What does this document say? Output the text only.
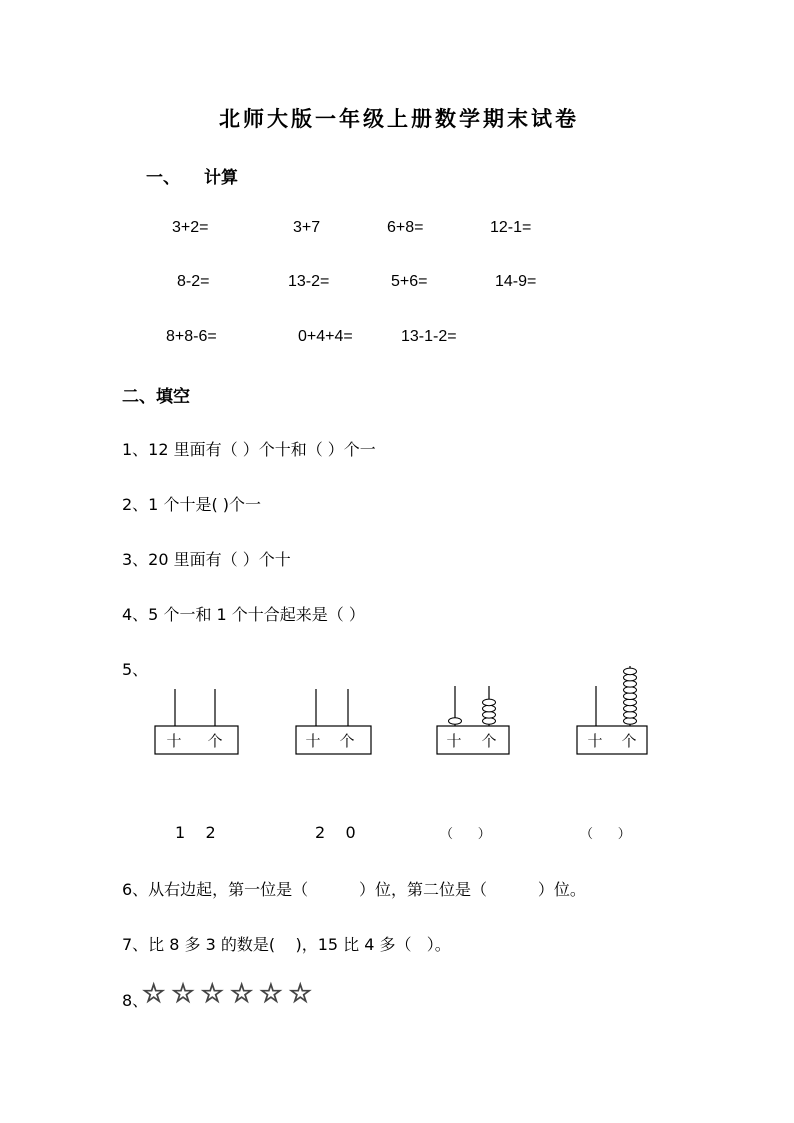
北师大版一年级上册数学期末试卷
一、 计算
3+2=	3+7	6+8=	12-1=
8-2=	13-2=	5+6=	14-9=
8+8-6=	0+4+4=	13-1-2=
二、填空
1、12 里面有（ ）个十和（ ）个一
2、1 个十是( )个一
3、20 里面有（ ）个十
4、5 个一和 1 个十合起来是（ ）
5、
十 个	十 个	十 个	十 个
1    2	2    0	（      ）	（      ）
6、从右边起，第一位是（          ）位，第二位是（          ）位。
7、比 8 多 3 的数是(    )，15 比 4 多（   ）。
8、
☆ ☆ ☆ ☆ ☆ ☆
